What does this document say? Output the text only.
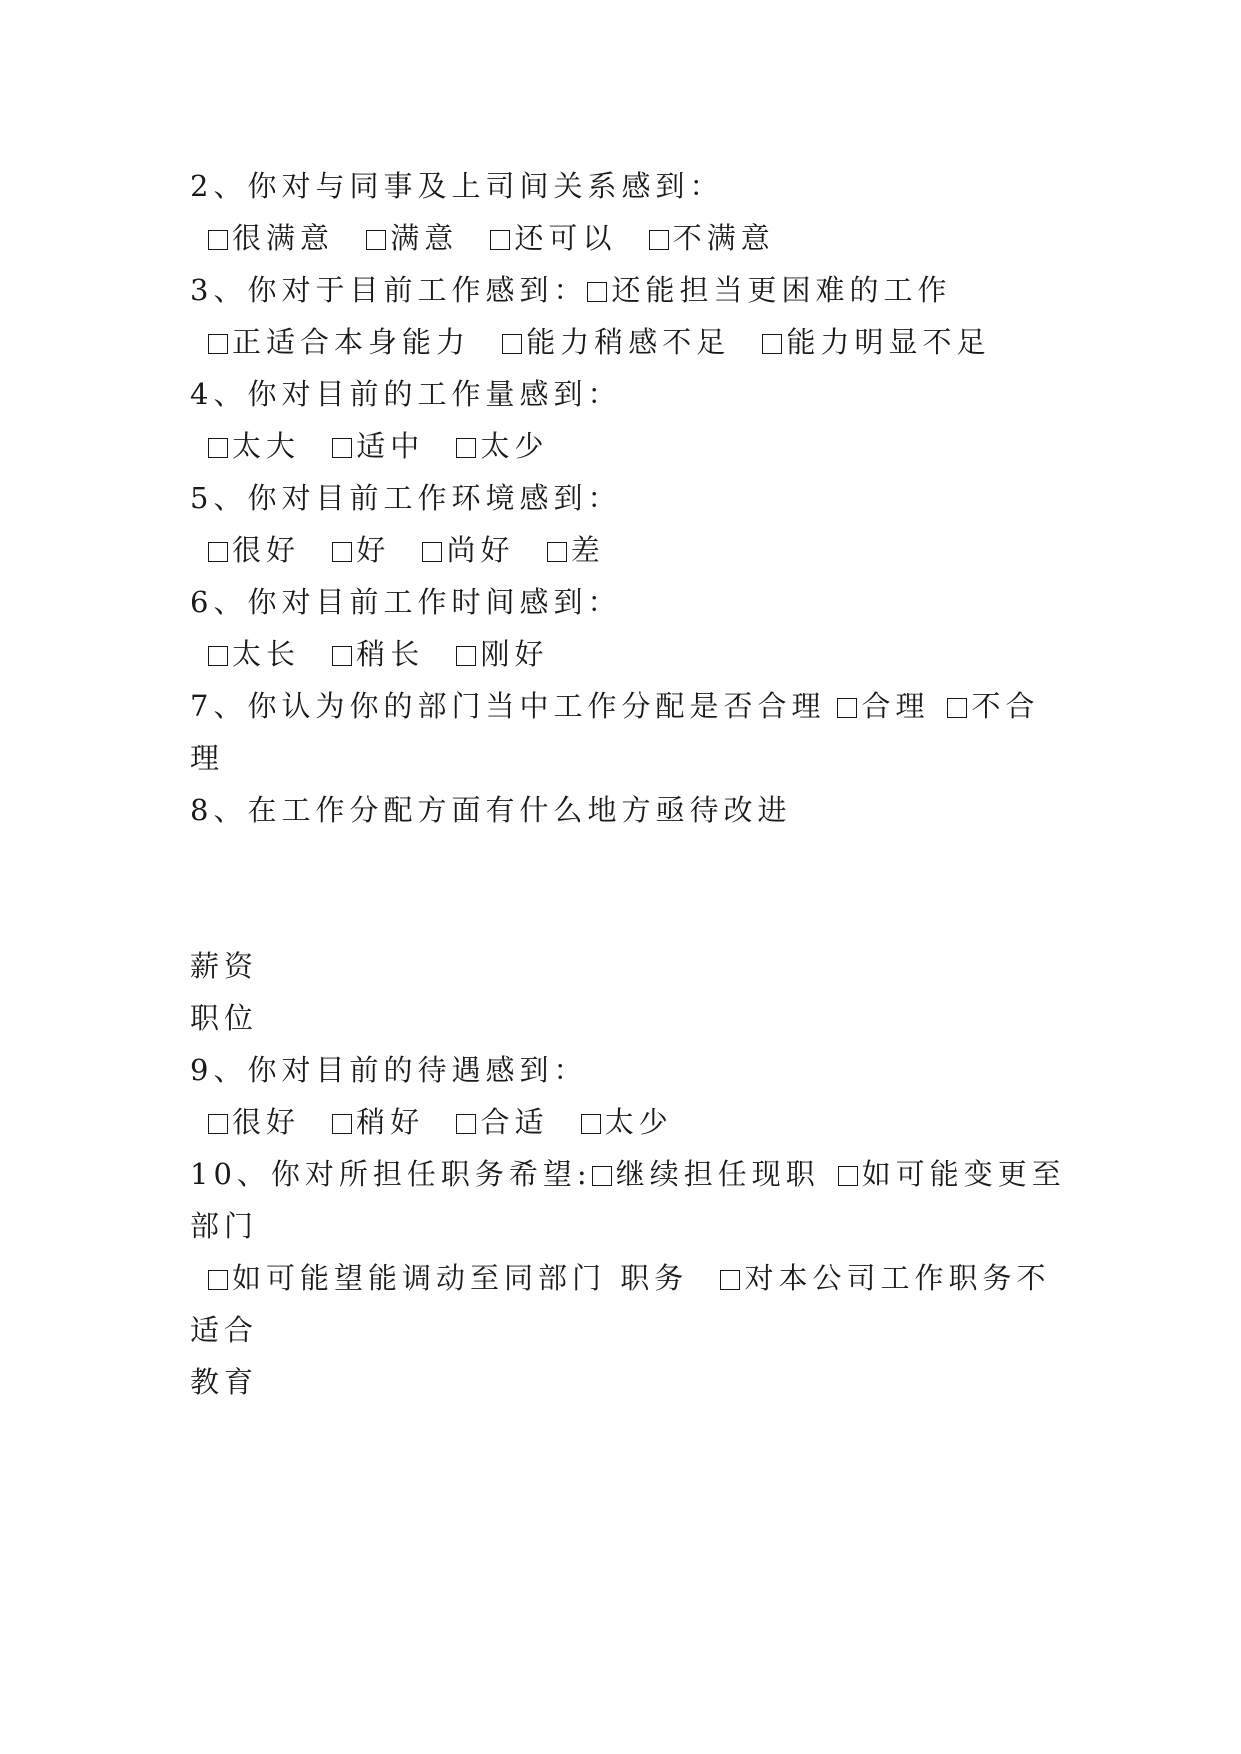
2、你对与同事及上司间关系感到：
很满意 满意 还可以 不满意
3、你对于目前工作感到： 还能担当更困难的工作
正适合本身能力 能力稍感不足 能力明显不足
4、你对目前的工作量感到：
太大 适中 太少
5、你对目前工作环境感到：
很好 好 尚好 差
6、你对目前工作时间感到：
太长 稍长 刚好
7、你认为你的部门当中工作分配是否合理 合理 不合
理
8、在工作分配方面有什么地方亟待改进
薪资
职位
9、你对目前的待遇感到：
很好 稍好 合适 太少
10、你对所担任职务希望: 继续担任现职 如可能变更至
部门
如可能望能调动至同部门 职务 对本公司工作职务不
适合
教育
